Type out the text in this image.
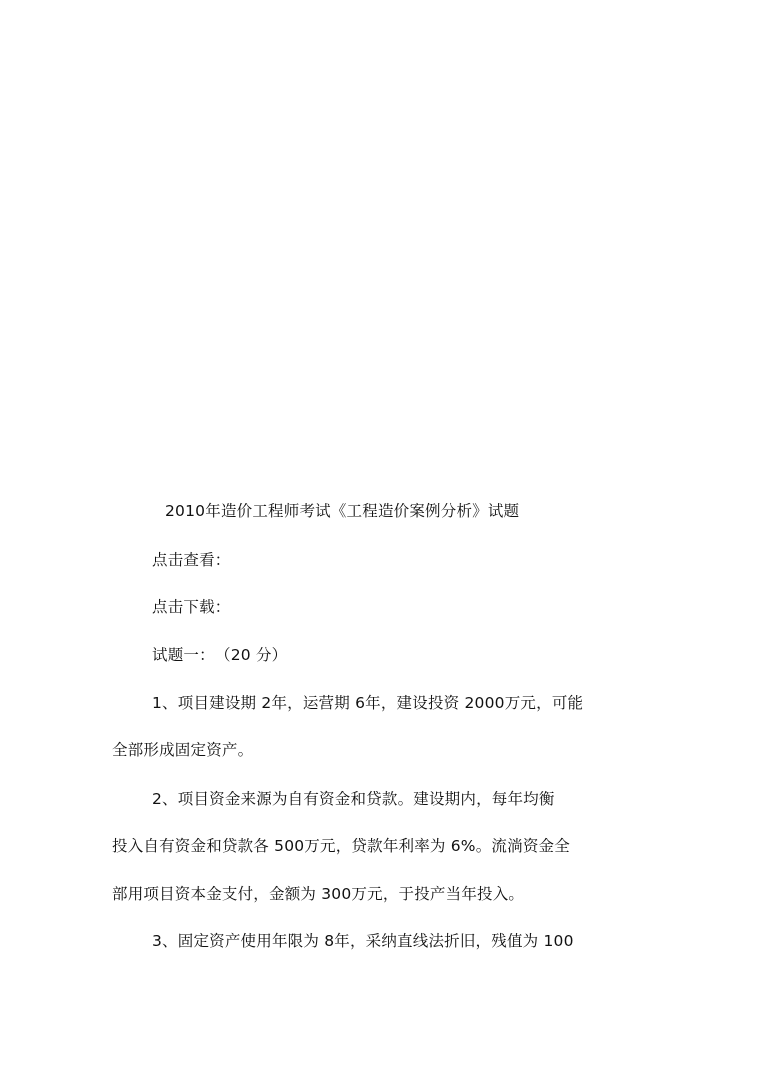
2010年造价工程师考试《工程造价案例分析》试题
点击查看：
点击下载：
试题一：　（20 分）
1、项目建设期 2年，运营期 6年，建设投资 2000万元，可能
全部形成固定资产。
2、项目资金来源为自有资金和贷款。建设期内，每年均衡
投入自有资金和贷款各 500万元，贷款年利率为 6%。流淌资金全
部用项目资本金支付，金额为 300万元，于投产当年投入。
3、固定资产使用年限为 8年，采纳直线法折旧，残值为 100
